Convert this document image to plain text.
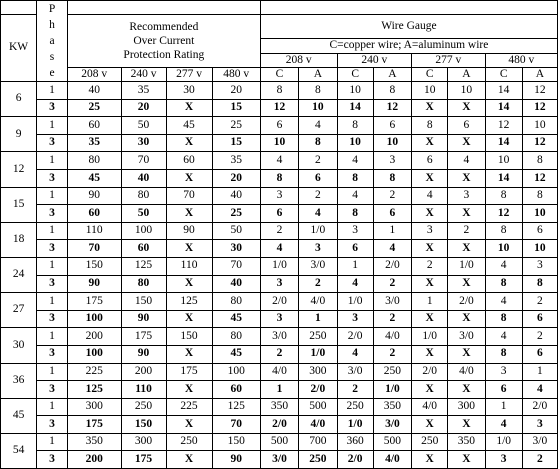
	P
h
a
s
e												

KW		Recommended
Over Current
Protection Rating				Wire Gauge							
						C=copper wire; A=aluminum wire							
						208 v		240 v		277 v		480 v	
		208 v	240 v	277 v	480 v	C	A	C	A	C	A	C	A
6	1	40	35	30	20	8	8	10	8	10	10	14	12
	3	25	20	X	15	12	10	14	12	X	X	14	12
9	1	60	50	45	25	6	4	8	6	8	6	12	10
	3	35	30	X	15	10	8	10	10	X	X	14	12
12	1	80	70	60	35	4	2	4	3	6	4	10	8
	3	45	40	X	20	8	6	8	8	X	X	14	12
15	1	90	80	70	40	3	2	4	2	4	3	8	8
	3	60	50	X	25	6	4	8	6	X	X	12	10
18	1	110	100	90	50	2	1/0	3	1	3	2	8	6
	3	70	60	X	30	4	3	6	4	X	X	10	10
24	1	150	125	110	70	1/0	3/0	1	2/0	2	1/0	4	3
	3	90	80	X	40	3	2	4	2	X	X	8	8
27	1	175	150	125	80	2/0	4/0	1/0	3/0	1	2/0	4	2
	3	100	90	X	45	3	1	3	2	X	X	8	6
30	1	200	175	150	80	3/0	250	2/0	4/0	1/0	3/0	4	2
	3	100	90	X	45	2	1/0	4	2	X	X	8	6
36	1	225	200	175	100	4/0	300	3/0	250	2/0	4/0	3	1
	3	125	110	X	60	1	2/0	2	1/0	X	X	6	4
45	1	300	250	225	125	350	500	250	350	4/0	300	1	2/0
	3	175	150	X	70	2/0	4/0	1/0	3/0	X	X	4	3
54	1	350	300	250	150	500	700	360	500	250	350	1/0	3/0
	3	200	175	X	90	3/0	250	2/0	4/0	X	X	3	2
